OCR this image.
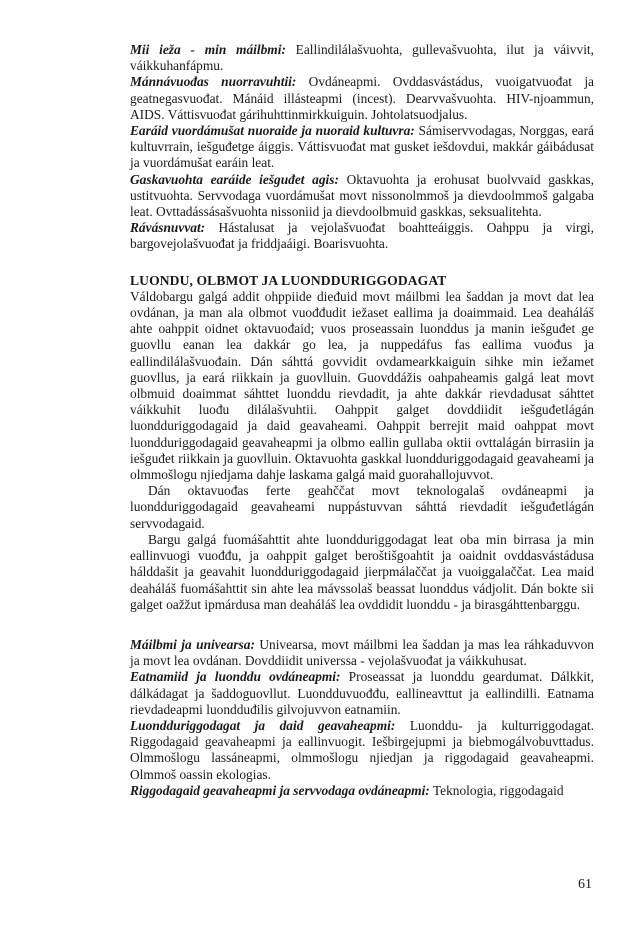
Mii ieža - min máilbmi: Eallindilálašvuohta, gullevašvuohta, ilut ja váivvit, váikkuhanfápmu.

Mánnávuođas nuorravuhtii: Ovdáneapmi. Ovddasvástádus, vuoigatvuođat ja geatnegasvuođat. Mánáid illásteapmi (incest). Dearvvašvuohta. HIV-njoammun, AIDS. Váttisvuođat gárihuhttinmirkkuiguin. Johtolatsuodjalus.

Earáid vuordámušat nuoraide ja nuoraid kultuvra: Sámiservvodagas, Norggas, eará kultuvrrain, iešguđetge áiggis. Váttisvuođat mat gusket iešdovdui, makkár gáibádusat ja vuordámušat earáin leat.

Gaskavuohta earáide iešguđet agis: Oktavuohta ja erohusat buolvvaid gaskkas, ustitvuohta. Servvodaga vuordámušat movt nissonolmmoš ja dievdoolmmoš galgaba leat. Ovttadássásašvuohta nissoniid ja dievdoolbmuid gaskkas, seksualitehta.

Rávásnuvvat: Hástalusat ja vejolašvuođat boahtteáiggis. Oahppu ja virgi, bargovejolašvuođat ja friddjaáigi. Boarisvuohta.

LUONDU, OLBMOT JA LUONDDURIGGODAGAT

Váldobargu galgá addit ohppiide dieđuid movt máilbmi lea šaddan ja movt dat lea ovdánan, ja man ala olbmot vuođđudit iežaset eallima ja doaimmaid. Lea deaháláš ahte oahppit oidnet oktavuođaid; vuos proseassain luonddus ja manin iešguđet ge guovllu eanan lea dakkár go lea, ja nuppedáfus fas eallima vuođus ja eallindilálašvuođain. Dán sáhttá govvidit ovdamearkkaiguin sihke min iežamet guovllus, ja eará riikkain ja guovlluin. Guovddážis oahpaheamis galgá leat movt olbmuid doaimmat sáhttet luonddu rievdadit, ja ahte dakkár rievdadusat sáhttet váikkuhit luođu dilálašvuhtii. Oahppit galget dovddiidit iešguđetlágán luondduriggodagaid ja daid geavaheami. Oahppit berrejit maid oahppat movt luondduriggodagaid geavaheapmi ja olbmo eallin gullaba oktii ovttalágán birrasiin ja iešguđet riikkain ja guovlluin. Oktavuohta gaskkal luondduriggodagaid geavaheami ja olmmošlogu njiedjama dahje laskama galgá maid guorahallojuvvot.

Dán oktavuođas ferte geahččat movt teknologalaš ovdáneapmi ja luondduriggodagaid geavaheami nuppástuvvan sáhttá rievdadit iešguđetlágán servvodagaid.

Bargu galgá fuomášahttit ahte luondduriggodagat leat oba min birrasa ja min eallinvuogi vuođđu, ja oahppit galget beroštišgoahtit ja oaidnit ovddasvástádusa hálddašit ja geavahit luondduriggodagaid jierpmálaččat ja vuoiggalaččat. Lea maid deaháláš fuomášahttit sin ahte lea mávssolaš beassat luonddus vádjolit. Dán bokte sii galget oažžut ipmárdusa man deaháláš lea ovddidit luonddu - ja birasgáhttenbarggu.

Máilbmi ja univearsa: Univearsa, movt máilbmi lea šaddan ja mas lea ráhkaduvvon ja movt lea ovdánan. Dovddiidit universsa - vejolašvuođat ja váikkuhusat.

Eatnamiid ja luonddu ovdáneapmi: Proseassat ja luonddu geardumat. Dálkkit, dálkádagat ja šaddoguovllut. Luondduvuođđu, eallineavttut ja eallindilli. Eatnama rievdadeapmi luondduđilis gilvojuvvon eatnamiin.

Luondduriggodagat ja daid geavaheapmi: Luonddu- ja kulturriggodagat. Riggodagaid geavaheapmi ja eallinvuogit. Iešbirgejupmi ja biebmogálvobuvttadus. Olmmošlogu lassáneapmi, olmmošlogu njiedjan ja riggodagaid geavaheapmi. Olmmoš oassin ekologias.

Riggodagaid geavaheapmi ja servvodaga ovdáneapmi: Teknologia, riggodagaid

61
